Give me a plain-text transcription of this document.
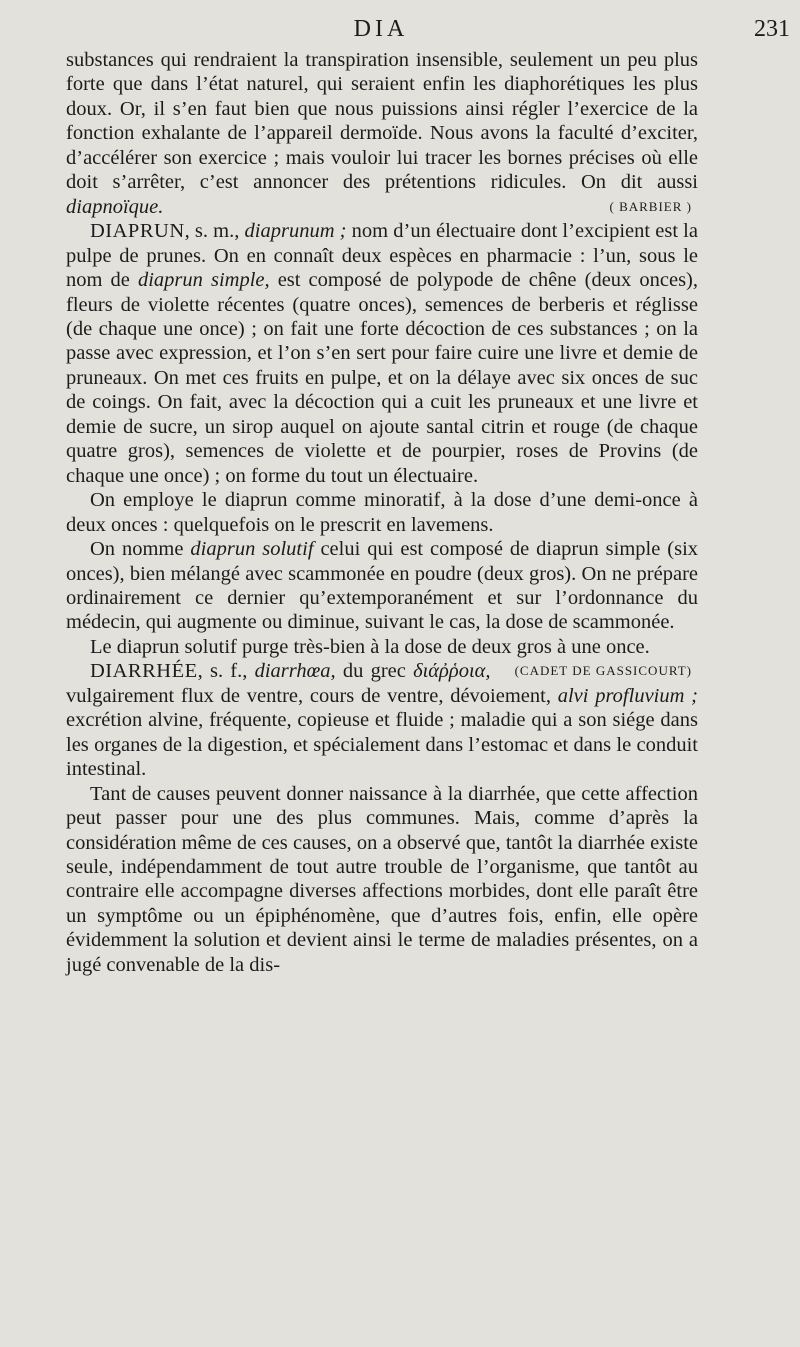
DIA	231

substances qui rendraient la transpiration insensible, seulement un peu plus forte que dans l’état naturel, qui seraient enfin les diaphorétiques les plus doux. Or, il s’en faut bien que nous puissions ainsi régler l’exercice de la fonction exhalante de l’appareil dermoïde. Nous avons la faculté d’exciter, d’accélérer son exercice ; mais vouloir lui tracer les bornes précises où elle doit s’arrêter, c’est annoncer des prétentions ridicules. On dit aussi diapnoïque.	( BARBIER )

DIAPRUN, s. m., diaprunum ; nom d’un électuaire dont l’excipient est la pulpe de prunes. On en connaît deux espèces en pharmacie : l’un, sous le nom de diaprun simple, est composé de polypode de chêne (deux onces), fleurs de violette récentes (quatre onces), semences de berberis et réglisse (de chaque une once) ; on fait une forte décoction de ces substances ; on la passe avec expression, et l’on s’en sert pour faire cuire une livre et demie de pruneaux. On met ces fruits en pulpe, et on la délaye avec six onces de suc de coings. On fait, avec la décoction qui a cuit les pruneaux et une livre et demie de sucre, un sirop auquel on ajoute santal citrin et rouge (de chaque quatre gros), semences de violette et de pourpier, roses de Provins (de chaque une once) ; on forme du tout un électuaire.

On employe le diaprun comme minoratif, à la dose d’une demi-once à deux onces : quelquefois on le prescrit en lavemens.

On nomme diaprun solutif celui qui est composé de diaprun simple (six onces), bien mélangé avec scammonée en poudre (deux gros). On ne prépare ordinairement ce dernier qu’extemporanément et sur l’ordonnance du médecin, qui augmente ou diminue, suivant le cas, la dose de scammonée.

Le diaprun solutif purge très-bien à la dose de deux gros à une once.
(CADET DE GASSICOURT)

DIARRHÉE, s. f., diarrhœa, du grec διάῤῥοια, vulgairement flux de ventre, cours de ventre, dévoiement, alvi profluvium ; excrétion alvine, fréquente, copieuse et fluide ; maladie qui a son siége dans les organes de la digestion, et spécialement dans l’estomac et dans le conduit intestinal.

Tant de causes peuvent donner naissance à la diarrhée, que cette affection peut passer pour une des plus communes. Mais, comme d’après la considération même de ces causes, on a observé que, tantôt la diarrhée existe seule, indépendamment de tout autre trouble de l’organisme, que tantôt au contraire elle accompagne diverses affections morbides, dont elle paraît être un symptôme ou un épiphénomène, que d’autres fois, enfin, elle opère évidemment la solution et devient ainsi le terme de maladies présentes, on a jugé convenable de la dis-
